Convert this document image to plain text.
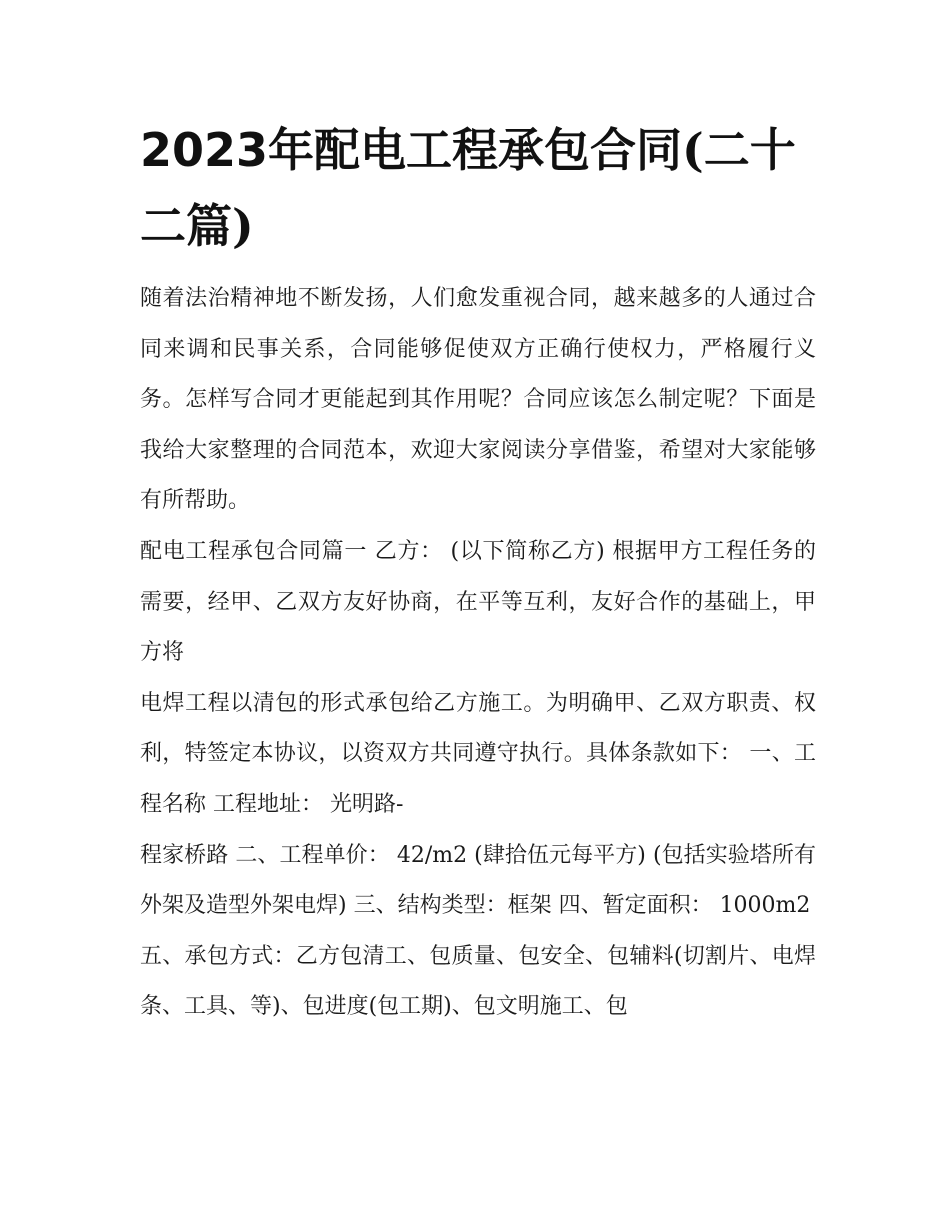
2023年配电工程承包合同(二十二篇)

随着法治精神地不断发扬，人们愈发重视合同，越来越多的人通过合同来调和民事关系，合同能够促使双方正确行使权力，严格履行义务。怎样写合同才更能起到其作用呢？合同应该怎么制定呢？下面是我给大家整理的合同范本，欢迎大家阅读分享借鉴，希望对大家能够有所帮助。

配电工程承包合同篇一 乙方： (以下简称乙方) 根据甲方工程任务的需要，经甲、乙双方友好协商，在平等互利，友好合作的基础上，甲方将

电焊工程以清包的形式承包给乙方施工。为明确甲、乙双方职责、权利，特签定本协议，以资双方共同遵守执行。具体条款如下： 一、工程名称 工程地址： 光明路-

程家桥路 二、工程单价： 42/m2 (肆拾伍元每平方) (包括实验塔所有外架及造型外架电焊) 三、结构类型：框架 四、暂定面积： 1000m2

五、承包方式：乙方包清工、包质量、包安全、包辅料(切割片、电焊条、工具、等)、包进度(包工期)、包文明施工、包
